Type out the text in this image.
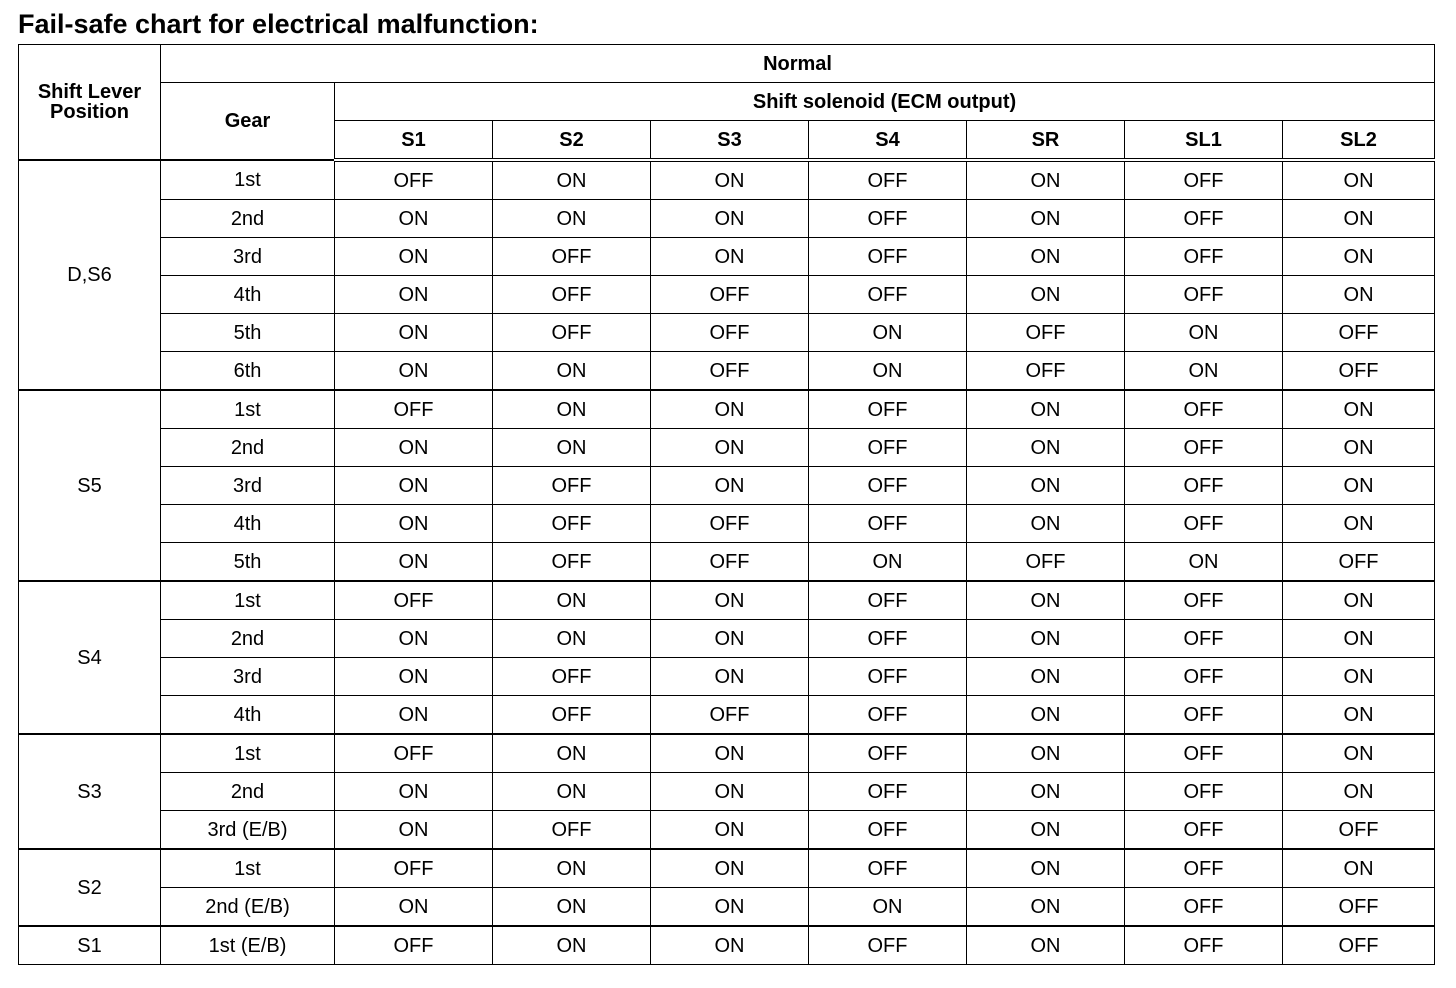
Fail-safe chart for electrical malfunction:
Shift Lever
Position	Normal							
	Gear	Shift solenoid (ECM output)						
		S1	S2	S3	S4	SR	SL1	SL2
D,S6	1st	OFF	ON	ON	OFF	ON	OFF	ON
	2nd	ON	ON	ON	OFF	ON	OFF	ON
	3rd	ON	OFF	ON	OFF	ON	OFF	ON
	4th	ON	OFF	OFF	OFF	ON	OFF	ON
	5th	ON	OFF	OFF	ON	OFF	ON	OFF
	6th	ON	ON	OFF	ON	OFF	ON	OFF
S5	1st	OFF	ON	ON	OFF	ON	OFF	ON
	2nd	ON	ON	ON	OFF	ON	OFF	ON
	3rd	ON	OFF	ON	OFF	ON	OFF	ON
	4th	ON	OFF	OFF	OFF	ON	OFF	ON
	5th	ON	OFF	OFF	ON	OFF	ON	OFF
S4	1st	OFF	ON	ON	OFF	ON	OFF	ON
	2nd	ON	ON	ON	OFF	ON	OFF	ON
	3rd	ON	OFF	ON	OFF	ON	OFF	ON
	4th	ON	OFF	OFF	OFF	ON	OFF	ON
S3	1st	OFF	ON	ON	OFF	ON	OFF	ON
	2nd	ON	ON	ON	OFF	ON	OFF	ON
	3rd (E/B)	ON	OFF	ON	OFF	ON	OFF	OFF
S2	1st	OFF	ON	ON	OFF	ON	OFF	ON
	2nd (E/B)	ON	ON	ON	ON	ON	OFF	OFF
S1	1st (E/B)	OFF	ON	ON	OFF	ON	OFF	OFF
